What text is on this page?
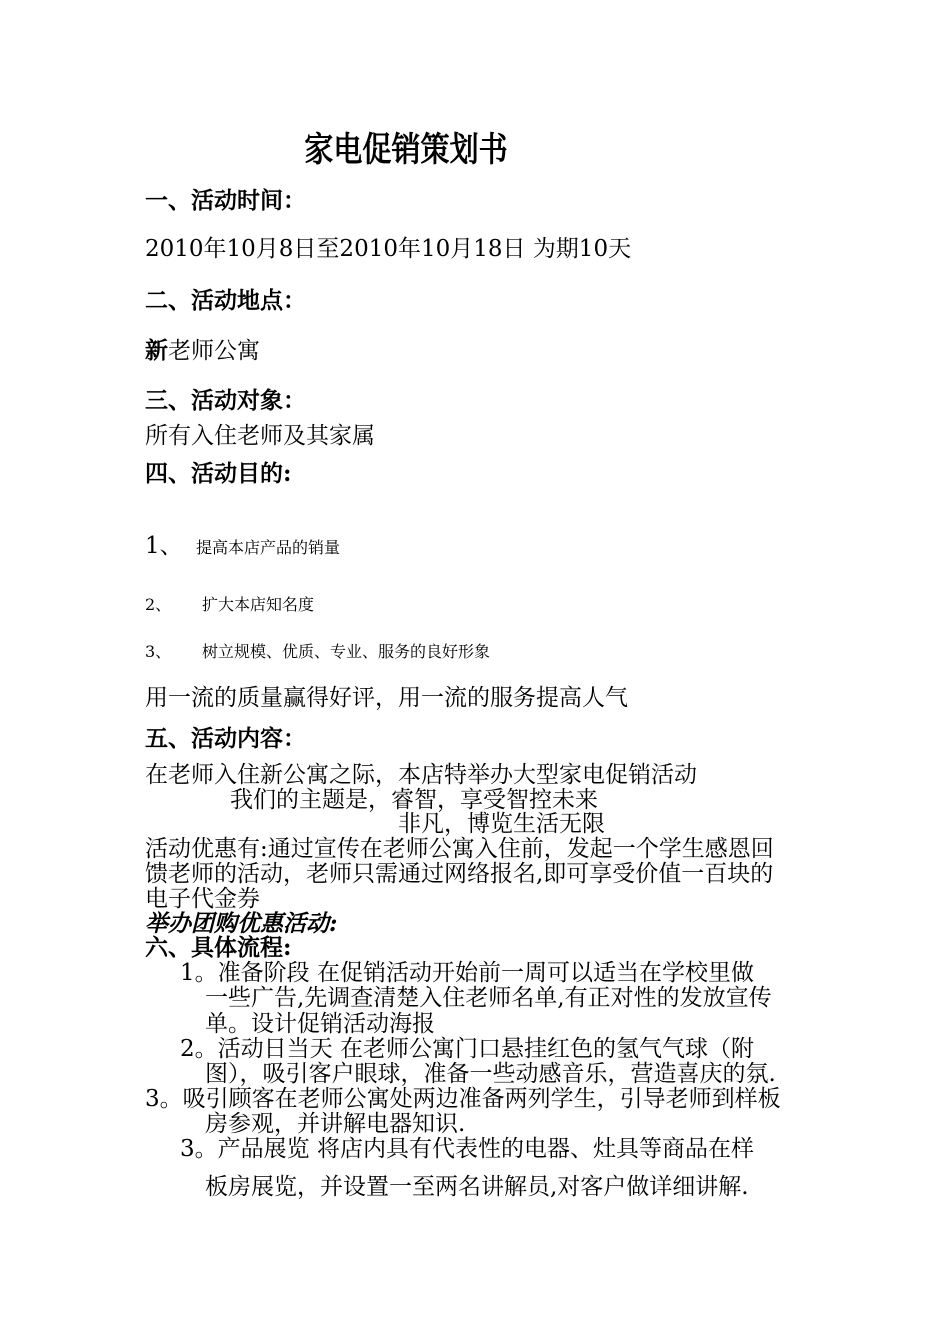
家电促销策划书
一、活动时间：
2010年10月8日至2010年10月18日 为期10天
二、活动地点：
新老师公寓
三、活动对象：
所有入住老师及其家属
四、活动目的:
1、 提高本店产品的销量
2、 扩大本店知名度
3、 树立规模、优质、专业、服务的良好形象
用一流的质量赢得好评，用一流的服务提高人气
五、活动内容：
在老师入住新公寓之际，本店特举办大型家电促销活动
我们的主题是，睿智，享受智控未来
非凡，博览生活无限
活动优惠有:通过宣传在老师公寓入住前，发起一个学生感恩回
馈老师的活动，老师只需通过网络报名,即可享受价值一百块的
电子代金券
举办团购优惠活动:
六、具体流程:
1。准备阶段 在促销活动开始前一周可以适当在学校里做
一些广告,先调查清楚入住老师名单,有正对性的发放宣传
单。设计促销活动海报
2。活动日当天 在老师公寓门口悬挂红色的氢气气球（附
图），吸引客户眼球，准备一些动感音乐，营造喜庆的氛.
3。吸引顾客在老师公寓处两边准备两列学生，引导老师到样板
房参观，并讲解电器知识.
3。产品展览 将店内具有代表性的电器、灶具等商品在样
板房展览，并设置一至两名讲解员,对客户做详细讲解.
